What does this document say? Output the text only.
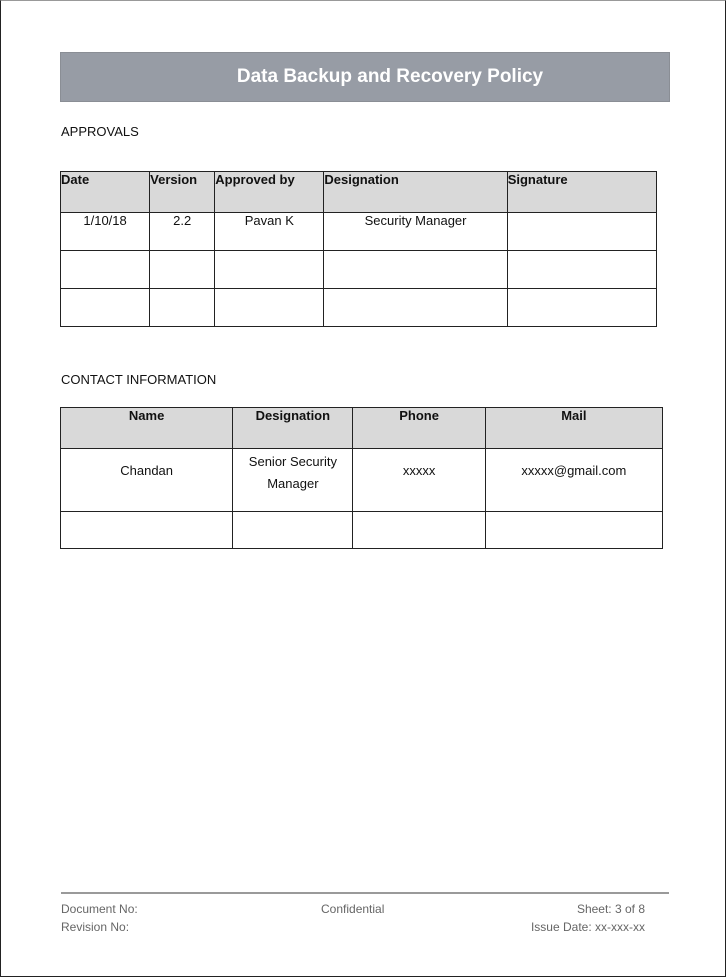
Data Backup and Recovery Policy
APPROVALS
Date	Version	Approved by	Designation	Signature
1/10/18	2.2	Pavan K	Security Manager	

CONTACT INFORMATION
Name	Designation	Phone	Mail
Chandan	Senior Security Manager	xxxxx	xxxxx@gmail.com

Document No:
Revision No:
Confidential	Sheet: 3 of 8
Issue Date: xx-xxx-xx
